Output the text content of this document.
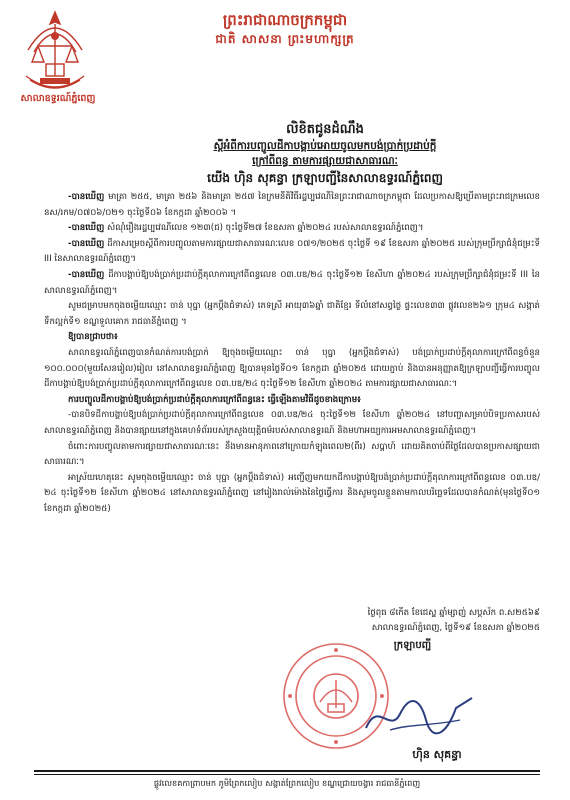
ព្រះរាជាណាចក្រកម្ពុជា
ជាតិ សាសនា ព្រះមហាក្សត្រ
សាលាឧទ្ធរណ៍ភ្នំពេញ
លិខិតជូនដំណឹង
ស្តីអំពីការបញ្ចូលដីកាបង្គាប់អោយចូលមកបង់ប្រាក់ប្រដាប់ក្តី
ក្រៅពីពន្ធ តាមការផ្សាយជាសាធារណៈ
យើង ហ៊ិន សុគន្ធា ក្រឡាបញ្ជីនៃសាលាឧទ្ធរណ៍ភ្នំពេញ

-បានឃើញ មាត្រា ២៥៥, មាត្រា ២៥៦ និងមាត្រា ២៥៧ នៃក្រមនីតិវិធីរដ្ឋប្បវេណីនៃព្រះរាជាណាចក្រកម្ពុជា ដែលប្រកាសឱ្យប្រើតាមព្រះរាជក្រមលេខ នស/រកម/០៧០៦/០២១ ចុះថ្ងៃទី០៦ ខែកក្កដា ឆ្នាំ២០០៦ ។

-បានឃើញ សំណុំរឿងរដ្ឋប្បវេណីលេខ ១២៣(ជ) ចុះថ្ងៃទី២៧ ខែឧសភា ឆ្នាំ២០២៤ របស់សាលាឧទ្ធរណ៍ភ្នំពេញ។

-បានឃើញ ដីកាសម្រេចស្តីពីការបញ្ចូលតាមការផ្សាយជាសាធារណៈលេខ ០៧១/២០២៥ ចុះថ្ងៃទី ១៩ ខែឧសភា ឆ្នាំ២០២៥ របស់ក្រុមប្រឹក្សាជំនុំជម្រះទី III នៃសាលាឧទ្ធរណ៍ភ្នំពេញ។

-បានឃើញ ដីកាបង្គាប់ឱ្យបង់ប្រាក់ប្រដាប់ក្តីតុលាការក្រៅពីពន្ធលេខ ០៣.បឌ/២៤ ចុះថ្ងៃទី១២ ខែសីហា ឆ្នាំ២០២៤ របស់ក្រុមប្រឹក្សាជំនុំជម្រះទី III នៃសាលាឧទ្ធរណ៍ភ្នំពេញ។

សូមជម្រាបមកចុងចម្លើយឈ្មោះ ចាន់ បុប្ផា (អ្នកប្តឹងជំទាស់) ភេទស្រី អាយុ៣៦ឆ្នាំ ជាតិខ្មែរ ទីលំនៅសព្វថ្ងៃ ផ្ទះលេខ៣៣ ផ្លូវលេខ២៦១ ក្រុម៤ សង្កាត់ទឹកល្អក់ទី១ ខណ្ឌទួលគោក រាជធានីភ្នំពេញ ។

ឱ្យបានជ្រាបថា៖

សាលាឧទ្ធរណ៍ភ្នំពេញបានកំណត់ការបង់ប្រាក់ ឱ្យចុងចម្លើយឈ្មោះ ចាន់ បុប្ផា (អ្នកប្តឹងជំទាស់) បង់ប្រាក់ប្រដាប់ក្តីតុលាការក្រៅពីពន្ធចំនួន ១០០.០០០(មួយសែនរៀល)រៀល នៅសាលាឧទ្ធរណ៍ភ្នំពេញ ឱ្យបានមុនថ្ងៃទី០១ ខែកក្កដា ឆ្នាំ២០២៥ ដោយភ្ជាប់ និងបានអនុញ្ញាតឱ្យក្រឡាបញ្ជីធ្វើការបញ្ចូលដីកាបង្គាប់ឱ្យបង់ប្រាក់ប្រដាប់ក្តីតុលាការក្រៅពីពន្ធលេខ ០៣.បឌ/២៤ ចុះថ្ងៃទី១២ ខែសីហា ឆ្នាំ២០២៤ តាមការផ្សាយជាសាធារណៈ។

ការបញ្ចូលដីកាបង្គាប់ឱ្យបង់ប្រាក់ប្រដាប់ក្តីតុលាការក្រៅពីពន្ធនេះ ធ្វើឡើងតាមវិធីដូចខាងក្រោម៖

-បានបិទដីកាបង្គាប់ឱ្យបង់ប្រាក់ប្រដាប់ក្តីតុលាការក្រៅពីពន្ធលេខ ០៣.បឌ/២៤ ចុះថ្ងៃទី១២ ខែសីហា ឆ្នាំ២០២៤ នៅបញ្ជាសម្រាប់បិទប្រកាសរបស់សាលាឧទ្ធរណ៍ភ្នំពេញ និងបានផ្សាយនៅក្នុងគេហទំព័ររបស់ក្រសួងយុត្តិធម៌របស់សាលាឧទ្ធរណ៍ និងមហាអយ្យការអមសាលាឧទ្ធរណ៍ភ្នំពេញ។

ចំពោះការបញ្ចូលតាមការផ្សាយជាសាធារណៈនេះ នឹងមានអានុភាពនៅក្រោយកំឡុងពេល២(ពីរ) សប្តាហ៍ ដោយគិតចាប់ពីថ្ងៃដែលបានប្រកាសផ្សាយជាសាធារណៈ។

អាស្រ័យហេតុនេះ សូមចុងចម្លើយឈ្មោះ ចាន់ បុប្ផា (អ្នកប្តឹងជំទាស់) អញ្ជើញមកយកដីកាបង្គាប់ឱ្យបង់ប្រាក់ប្រដាប់ក្តីតុលាការក្រៅពីពន្ធលេខ ០៣.បឌ/២៤ ចុះថ្ងៃទី១២ ខែសីហា ឆ្នាំ២០២៤ នៅសាលាឧទ្ធរណ៍ភ្នំពេញ នៅរៀងរាល់ម៉ោងនៃថ្ងៃធ្វើការ និងសូមចូលខ្លួនតាមកាលបរិច្ឆេទដែលបានកំណត់(មុនថ្ងៃទី០១ ខែកក្កដា ឆ្នាំ២០២៥)

ថ្ងៃពុធ ៨កើត ខែជេស្ឋ ឆ្នាំម្សាញ់ សប្តស័ក ព.ស២៥៦៩
សាលាឧទ្ធរណ៍ភ្នំពេញ, ថ្ងៃទី១៩ ខែឧសភា ឆ្នាំ២០២៥
ក្រឡាបញ្ជី
ហ៊ិន សុគន្ធា
ផ្លូវលេខគកាព្រាបមក ភូមិព្រែកលៀប សង្កាត់ព្រែកលៀប ខណ្ឌជ្រោយចង្វារ រាជធានីភ្នំពេញ
